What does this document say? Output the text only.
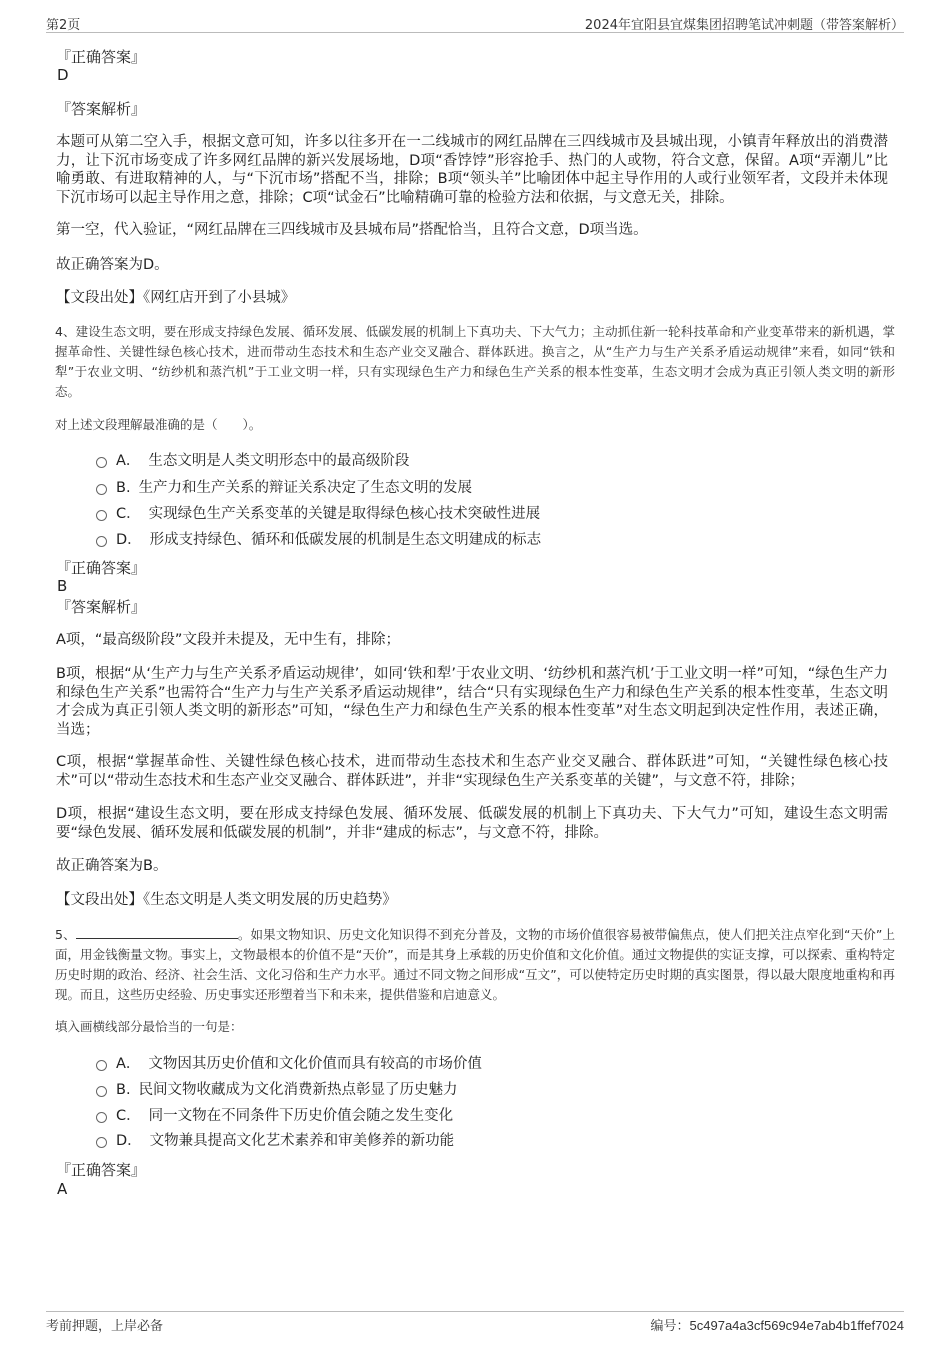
第2页	2024年宜阳县宜煤集团招聘笔试冲刺题（带答案解析）
『正确答案』
D
『答案解析』
本题可从第二空入手，根据文意可知，许多以往多开在一二线城市的网红品牌在三四线城市及县城出现，小镇青年释放出的消费潜力，让下沉市场变成了许多网红品牌的新兴发展场地，D项“香饽饽”形容抢手、热门的人或物，符合文意，保留。A项“弄潮儿”比喻勇敢、有进取精神的人，与“下沉市场”搭配不当，排除；B项“领头羊”比喻团体中起主导作用的人或行业领军者，文段并未体现下沉市场可以起主导作用之意，排除；C项“试金石”比喻精确可靠的检验方法和依据，与文意无关，排除。
第一空，代入验证，“网红品牌在三四线城市及县城布局”搭配恰当，且符合文意，D项当选。
故正确答案为D。
【文段出处】《网红店开到了小县城》
4、建设生态文明，要在形成支持绿色发展、循环发展、低碳发展的机制上下真功夫、下大气力；主动抓住新一轮科技革命和产业变革带来的新机遇，掌握革命性、关键性绿色核心技术，进而带动生态技术和生态产业交叉融合、群体跃进。换言之，从“生产力与生产关系矛盾运动规律”来看，如同“铁和犁”于农业文明、“纺纱机和蒸汽机”于工业文明一样，只有实现绿色生产力和绿色生产关系的根本性变革，生态文明才会成为真正引领人类文明的新形态。
对上述文段理解最准确的是（　　）。
A． 生态文明是人类文明形态中的最高级阶段
B. 生产力和生产关系的辩证关系决定了生态文明的发展
C． 实现绿色生产关系变革的关键是取得绿色核心技术突破性进展
D． 形成支持绿色、循环和低碳发展的机制是生态文明建成的标志
『正确答案』
B
『答案解析』
A项，“最高级阶段”文段并未提及，无中生有，排除；
B项，根据“从‘生产力与生产关系矛盾运动规律’，如同‘铁和犁’于农业文明、‘纺纱机和蒸汽机’于工业文明一样”可知，“绿色生产力和绿色生产关系”也需符合“生产力与生产关系矛盾运动规律”，结合“只有实现绿色生产力和绿色生产关系的根本性变革，生态文明才会成为真正引领人类文明的新形态”可知，“绿色生产力和绿色生产关系的根本性变革”对生态文明起到决定性作用，表述正确，当选；
C项，根据“掌握革命性、关键性绿色核心技术，进而带动生态技术和生态产业交叉融合、群体跃进”可知，“关键性绿色核心技术”可以“带动生态技术和生态产业交叉融合、群体跃进”，并非“实现绿色生产关系变革的关键”，与文意不符，排除；
D项，根据“建设生态文明，要在形成支持绿色发展、循环发展、低碳发展的机制上下真功夫、下大气力”可知，建设生态文明需要“绿色发展、循环发展和低碳发展的机制”，并非“建成的标志”，与文意不符，排除。
故正确答案为B。
【文段出处】《生态文明是人类文明发展的历史趋势》
5、	。如果文物知识、历史文化知识得不到充分普及，文物的市场价值很容易被带偏焦点，使人们把关注点窄化到“天价”上面，用金钱衡量文物。事实上，文物最根本的价值不是“天价”，而是其身上承载的历史价值和文化价值。通过文物提供的实证支撑，可以探索、重构特定历史时期的政治、经济、社会生活、文化习俗和生产力水平。通过不同文物之间形成“互文”，可以使特定历史时期的真实图景，得以最大限度地重构和再现。而且，这些历史经验、历史事实还形塑着当下和未来，提供借鉴和启迪意义。
填入画横线部分最恰当的一句是：
A． 文物因其历史价值和文化价值而具有较高的市场价值
B. 民间文物收藏成为文化消费新热点彰显了历史魅力
C． 同一文物在不同条件下历史价值会随之发生变化
D． 文物兼具提高文化艺术素养和审美修养的新功能
『正确答案』
A
考前押题，上岸必备	编号：5c497a4a3cf569c94e7ab4b1ffef7024
